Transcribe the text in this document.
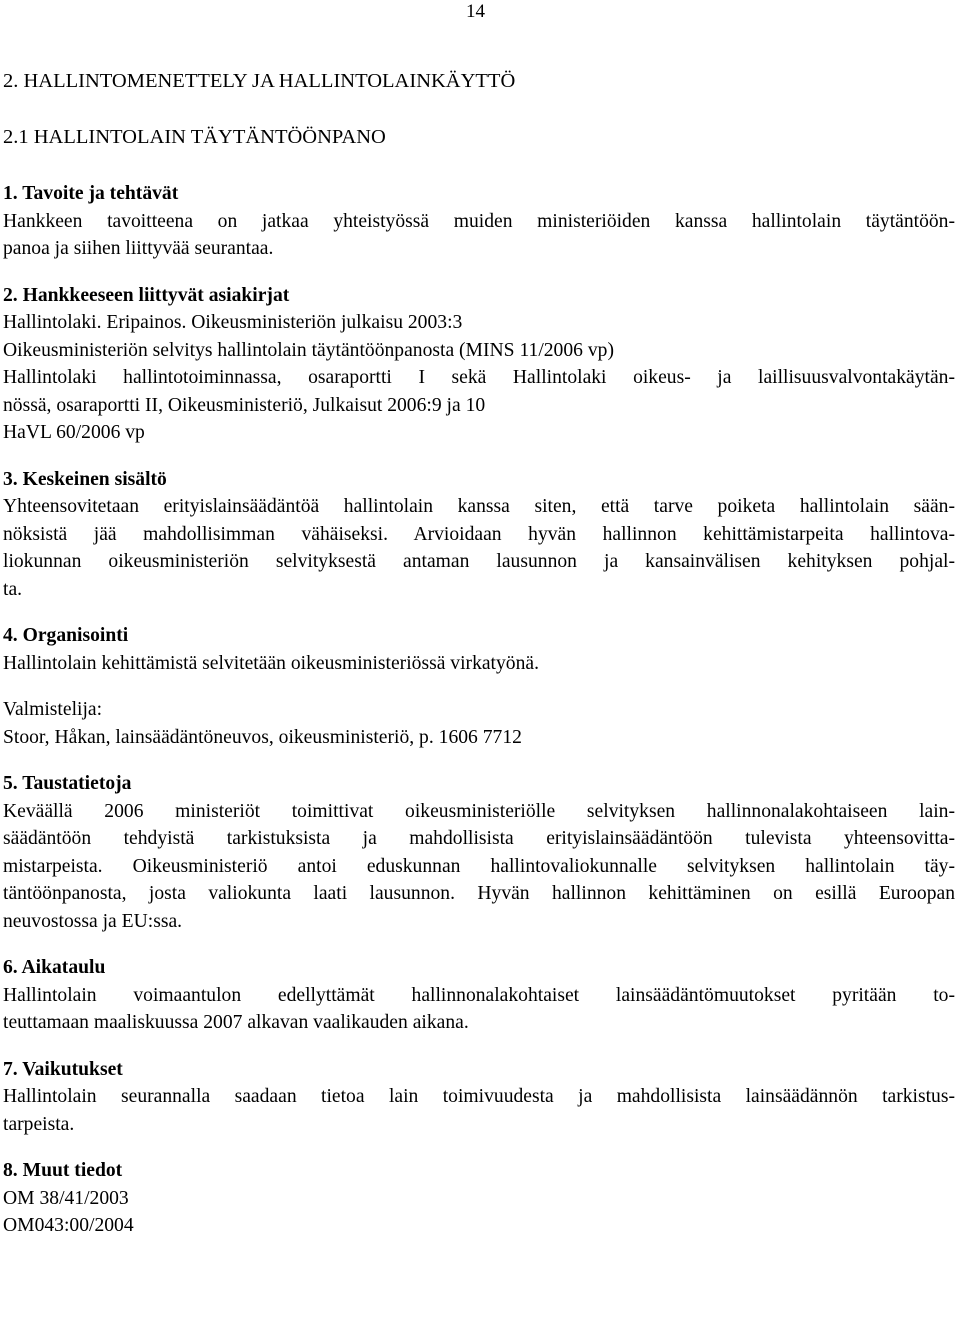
14

2. HALLINTOMENETTELY JA HALLINTOLAINKÄYTTÖ

2.1 HALLINTOLAIN TÄYTÄNTÖÖNPANO

1. Tavoite ja tehtävät

Hankkeen tavoitteena on jatkaa yhteistyössä muiden ministeriöiden kanssa hallintolain täytäntöön-
panoa ja siihen liittyvää seurantaa.

2. Hankkeeseen liittyvät asiakirjat

Hallintolaki. Eripainos. Oikeusministeriön julkaisu 2003:3
Oikeusministeriön selvitys hallintolain täytäntöönpanosta (MINS 11/2006 vp)
Hallintolaki hallintotoiminnassa, osaraportti I sekä Hallintolaki oikeus- ja laillisuusvalvontakäytän-
nössä, osaraportti II, Oikeusministeriö, Julkaisut 2006:9 ja 10
HaVL 60/2006 vp

3. Keskeinen sisältö

Yhteensovitetaan erityislainsäädäntöä hallintolain kanssa siten, että tarve poiketa hallintolain sään-
nöksistä jää mahdollisimman vähäiseksi. Arvioidaan hyvän hallinnon kehittämistarpeita hallintova-
liokunnan oikeusministeriön selvityksestä antaman lausunnon ja kansainvälisen kehityksen pohjal-
ta.

4. Organisointi

Hallintolain kehittämistä selvitetään oikeusministeriössä virkatyönä.

Valmistelija:

Stoor, Håkan, lainsäädäntöneuvos, oikeusministeriö, p. 1606 7712

5. Taustatietoja

Keväällä 2006 ministeriöt toimittivat oikeusministeriölle selvityksen hallinnonalakohtaiseen lain-
säädäntöön tehdyistä tarkistuksista ja mahdollisista erityislainsäädäntöön tulevista yhteensovitta-
mistarpeista. Oikeusministeriö antoi eduskunnan hallintovaliokunnalle selvityksen hallintolain täy-
täntöönpanosta, josta valiokunta laati lausunnon. Hyvän hallinnon kehittäminen on esillä Euroopan
neuvostossa ja EU:ssa.

6. Aikataulu

Hallintolain voimaantulon edellyttämät hallinnonalakohtaiset lainsäädäntömuutokset pyritään to-
teuttamaan maaliskuussa 2007 alkavan vaalikauden aikana.

7. Vaikutukset

Hallintolain seurannalla saadaan tietoa lain toimivuudesta ja mahdollisista lainsäädännön tarkistus-
tarpeista.

8. Muut tiedot

OM 38/41/2003
OM043:00/2004
